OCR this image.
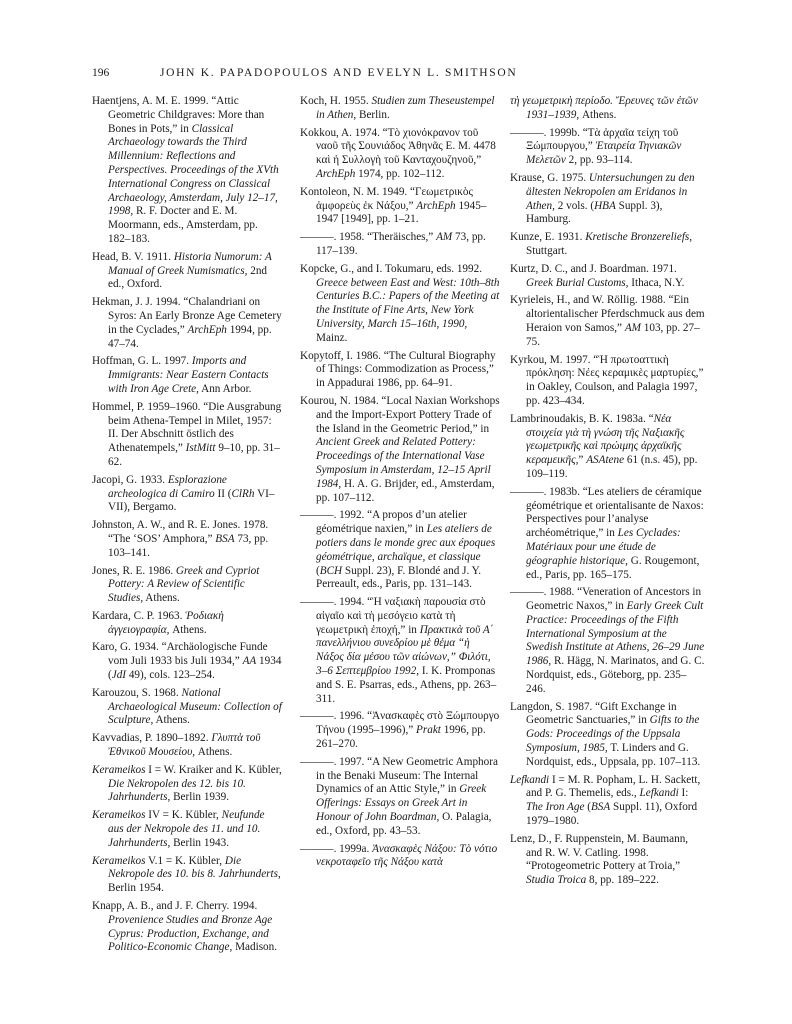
196	JOHN K. PAPADOPOULOS AND EVELYN L. SMITHSON

Haentjens, A. M. E. 1999. “Attic Geometric Childgraves: More than Bones in Pots,” in Classical Archaeology towards the Third Millennium: Reflections and Perspectives. Proceedings of the XVth International Congress on Classical Archaeology, Amsterdam, July 12–17, 1998, R. F. Docter and E. M. Moormann, eds., Amsterdam, pp. 182–183.

Head, B. V. 1911. Historia Numorum: A Manual of Greek Numismatics, 2nd ed., Oxford.

Hekman, J. J. 1994. “Chalandriani on Syros: An Early Bronze Age Cemetery in the Cyclades,” ArchEph 1994, pp. 47–74.

Hoffman, G. L. 1997. Imports and Immigrants: Near Eastern Contacts with Iron Age Crete, Ann Arbor.

Hommel, P. 1959–1960. “Die Ausgrabung beim Athena-Tempel in Milet, 1957: II. Der Abschnitt östlich des Athenatempels,” IstMitt 9–10, pp. 31–62.

Jacopi, G. 1933. Esplorazione archeologica di Camiro II (ClRh VI–VII), Bergamo.

Johnston, A. W., and R. E. Jones. 1978. “The ‘SOS’ Amphora,” BSA 73, pp. 103–141.

Jones, R. E. 1986. Greek and Cypriot Pottery: A Review of Scientific Studies, Athens.

Kardara, C. P. 1963. Ῥοδιακὴ ἀγγειογραφία, Athens.

Karo, G. 1934. “Archäologische Funde vom Juli 1933 bis Juli 1934,” AA 1934 (JdI 49), cols. 123–254.

Karouzou, S. 1968. National Archaeological Museum: Collection of Sculpture, Athens.

Kavvadias, P. 1890–1892. Γλυπτὰ τοῦ Ἐθνικοῦ Μουσείου, Athens.

Kerameikos I = W. Kraiker and K. Kübler, Die Nekropolen des 12. bis 10. Jahrhunderts, Berlin 1939.

Kerameikos IV = K. Kübler, Neufunde aus der Nekropole des 11. und 10. Jahrhunderts, Berlin 1943.

Kerameikos V.1 = K. Kübler, Die Nekropole des 10. bis 8. Jahrhunderts, Berlin 1954.

Knapp, A. B., and J. F. Cherry. 1994. Provenience Studies and Bronze Age Cyprus: Production, Exchange, and Politico-Economic Change, Madison.

Koch, H. 1955. Studien zum Theseustempel in Athen, Berlin.

Kokkou, A. 1974. “Τὸ χιονόκρανον τοῦ ναοῦ τῆς Σουνιάδος Ἀθηνᾶς Ε. Μ. 4478 καὶ ἡ Συλλογὴ τοῦ Κανταχουζηνοῦ,” ArchEph 1974, pp. 102–112.

Kontoleon, N. M. 1949. “Γεωμετρικὸς ἀμφορεὺς ἐκ Νάξου,” ArchEph 1945–1947 [1949], pp. 1–21.

———. 1958. “Theräisches,” AM 73, pp. 117–139.

Kopcke, G., and I. Tokumaru, eds. 1992. Greece between East and West: 10th–8th Centuries B.C.: Papers of the Meeting at the Institute of Fine Arts, New York University, March 15–16th, 1990, Mainz.

Kopytoff, I. 1986. “The Cultural Biography of Things: Commodization as Process,” in Appadurai 1986, pp. 64–91.

Kourou, N. 1984. “Local Naxian Workshops and the Import-Export Pottery Trade of the Island in the Geometric Period,” in Ancient Greek and Related Pottery: Proceedings of the International Vase Symposium in Amsterdam, 12–15 April 1984, H. A. G. Brijder, ed., Amsterdam, pp. 107–112.

———. 1992. “A propos d’un atelier géométrique naxien,” in Les ateliers de potiers dans le monde grec aux époques géométrique, archaïque, et classique (BCH Suppl. 23), F. Blondé and J. Y. Perreault, eds., Paris, pp. 131–143.

———. 1994. “Ἡ ναξιακὴ παρουσία στὸ αἰγαῖο καὶ τὴ μεσόγειο κατὰ τὴ γεωμετρικὴ ἐποχή,” in Πρακτικὰ τοῦ Α΄ πανελλήνιου συνεδρίου μὲ θέμα “ἡ Νάξος δία μέσου τῶν αἰώνων,” Φιλότι, 3–6 Σεπτεμβρίου 1992, I. K. Promponas and S. E. Psarras, eds., Athens, pp. 263–311.

———. 1996. “Ἀνασκαφὲς στὸ Ξώμπουργο Τήνου (1995–1996),” Prakt 1996, pp. 261–270.

———. 1997. “A New Geometric Amphora in the Benaki Museum: The Internal Dynamics of an Attic Style,” in Greek Offerings: Essays on Greek Art in Honour of John Boardman, O. Palagia, ed., Oxford, pp. 43–53.

———. 1999a. Ἀνασκαφὲς Νάξου: Τὸ νότιο νεκροταφεῖο τῆς Νάξου κατὰ

τὴ γεωμετρικὴ περίοδο. Ἔρευνες τῶν ἐτῶν 1931–1939, Athens.

———. 1999b. “Τὰ ἀρχαῖα τείχη τοῦ Ξώμπουργου,” Ἑταιρεία Τηνιακῶν Μελετῶν 2, pp. 93–114.

Krause, G. 1975. Untersuchungen zu den ältesten Nekropolen am Eridanos in Athen, 2 vols. (HBA Suppl. 3), Hamburg.

Kunze, E. 1931. Kretische Bronzereliefs, Stuttgart.

Kurtz, D. C., and J. Boardman. 1971. Greek Burial Customs, Ithaca, N.Y.

Kyrieleis, H., and W. Röllig. 1988. “Ein altorientalischer Pferdschmuck aus dem Heraion von Samos,” AM 103, pp. 27–75.

Kyrkou, M. 1997. “Ἡ πρωτοαττικὴ πρόκληση: Νέες κεραμικὲς μαρτυρίες,” in Oakley, Coulson, and Palagia 1997, pp. 423–434.

Lambrinoudakis, B. K. 1983a. “Νέα στοιχεία γιὰ τὴ γνώση τῆς Ναξιακῆς γεωμετρικῆς καὶ πρώιμης ἀρχαϊκῆς κεραμεικῆς,” ASAtene 61 (n.s. 45), pp. 109–119.

———. 1983b. “Les ateliers de céramique géométrique et orientalisante de Naxos: Perspectives pour l’analyse archéométrique,” in Les Cyclades: Matériaux pour une étude de géographie historique, G. Rougemont, ed., Paris, pp. 165–175.

———. 1988. “Veneration of Ancestors in Geometric Naxos,” in Early Greek Cult Practice: Proceedings of the Fifth International Symposium at the Swedish Institute at Athens, 26–29 June 1986, R. Hägg, N. Marinatos, and G. C. Nordquist, eds., Göteborg, pp. 235–246.

Langdon, S. 1987. “Gift Exchange in Geometric Sanctuaries,” in Gifts to the Gods: Proceedings of the Uppsala Symposium, 1985, T. Linders and G. Nordquist, eds., Uppsala, pp. 107–113.

Lefkandi I = M. R. Popham, L. H. Sackett, and P. G. Themelis, eds., Lefkandi I: The Iron Age (BSA Suppl. 11), Oxford 1979–1980.

Lenz, D., F. Ruppenstein, M. Baumann, and R. W. V. Catling. 1998. “Protogeometric Pottery at Troia,” Studia Troica 8, pp. 189–222.
